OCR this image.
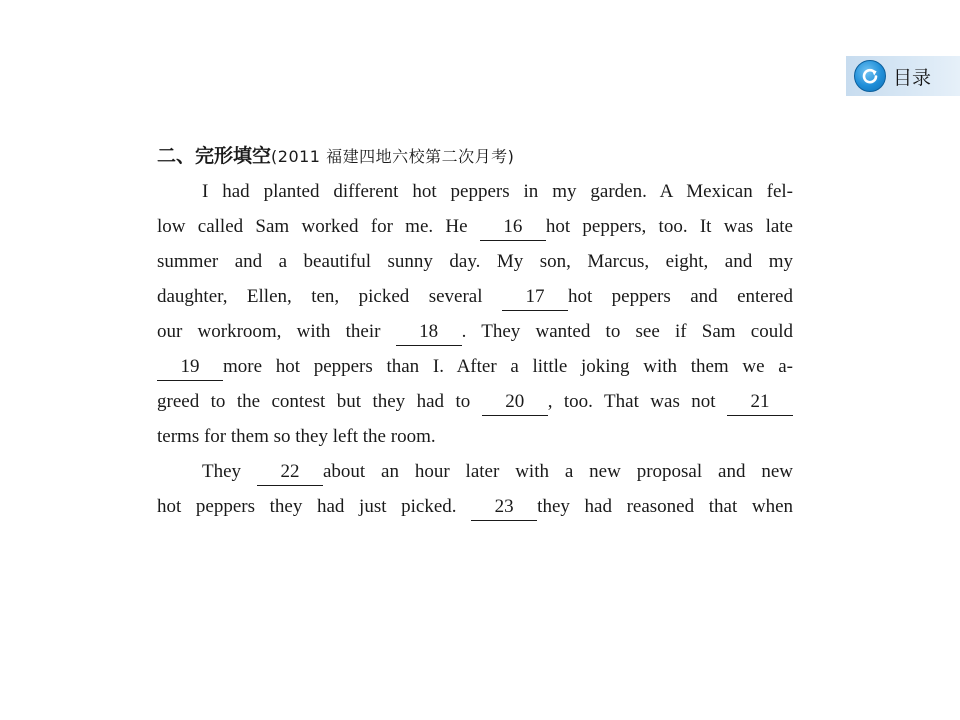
目录
二、完形填空(2011 福建四地六校第二次月考)
I had planted different hot peppers in my garden. A Mexican fel-
low called Sam worked for me. He 16 hot peppers, too. It was late
summer and a beautiful sunny day. My son, Marcus, eight, and my
daughter, Ellen, ten, picked several 17 hot peppers and entered
our workroom, with their 18 . They wanted to see if Sam could
19 more hot peppers than I. After a little joking with them we a-
greed to the contest but they had to 20 , too. That was not 21
terms for them so they left the room.
They 22 about an hour later with a new proposal and new
hot peppers they had just picked. 23 they had reasoned that when
